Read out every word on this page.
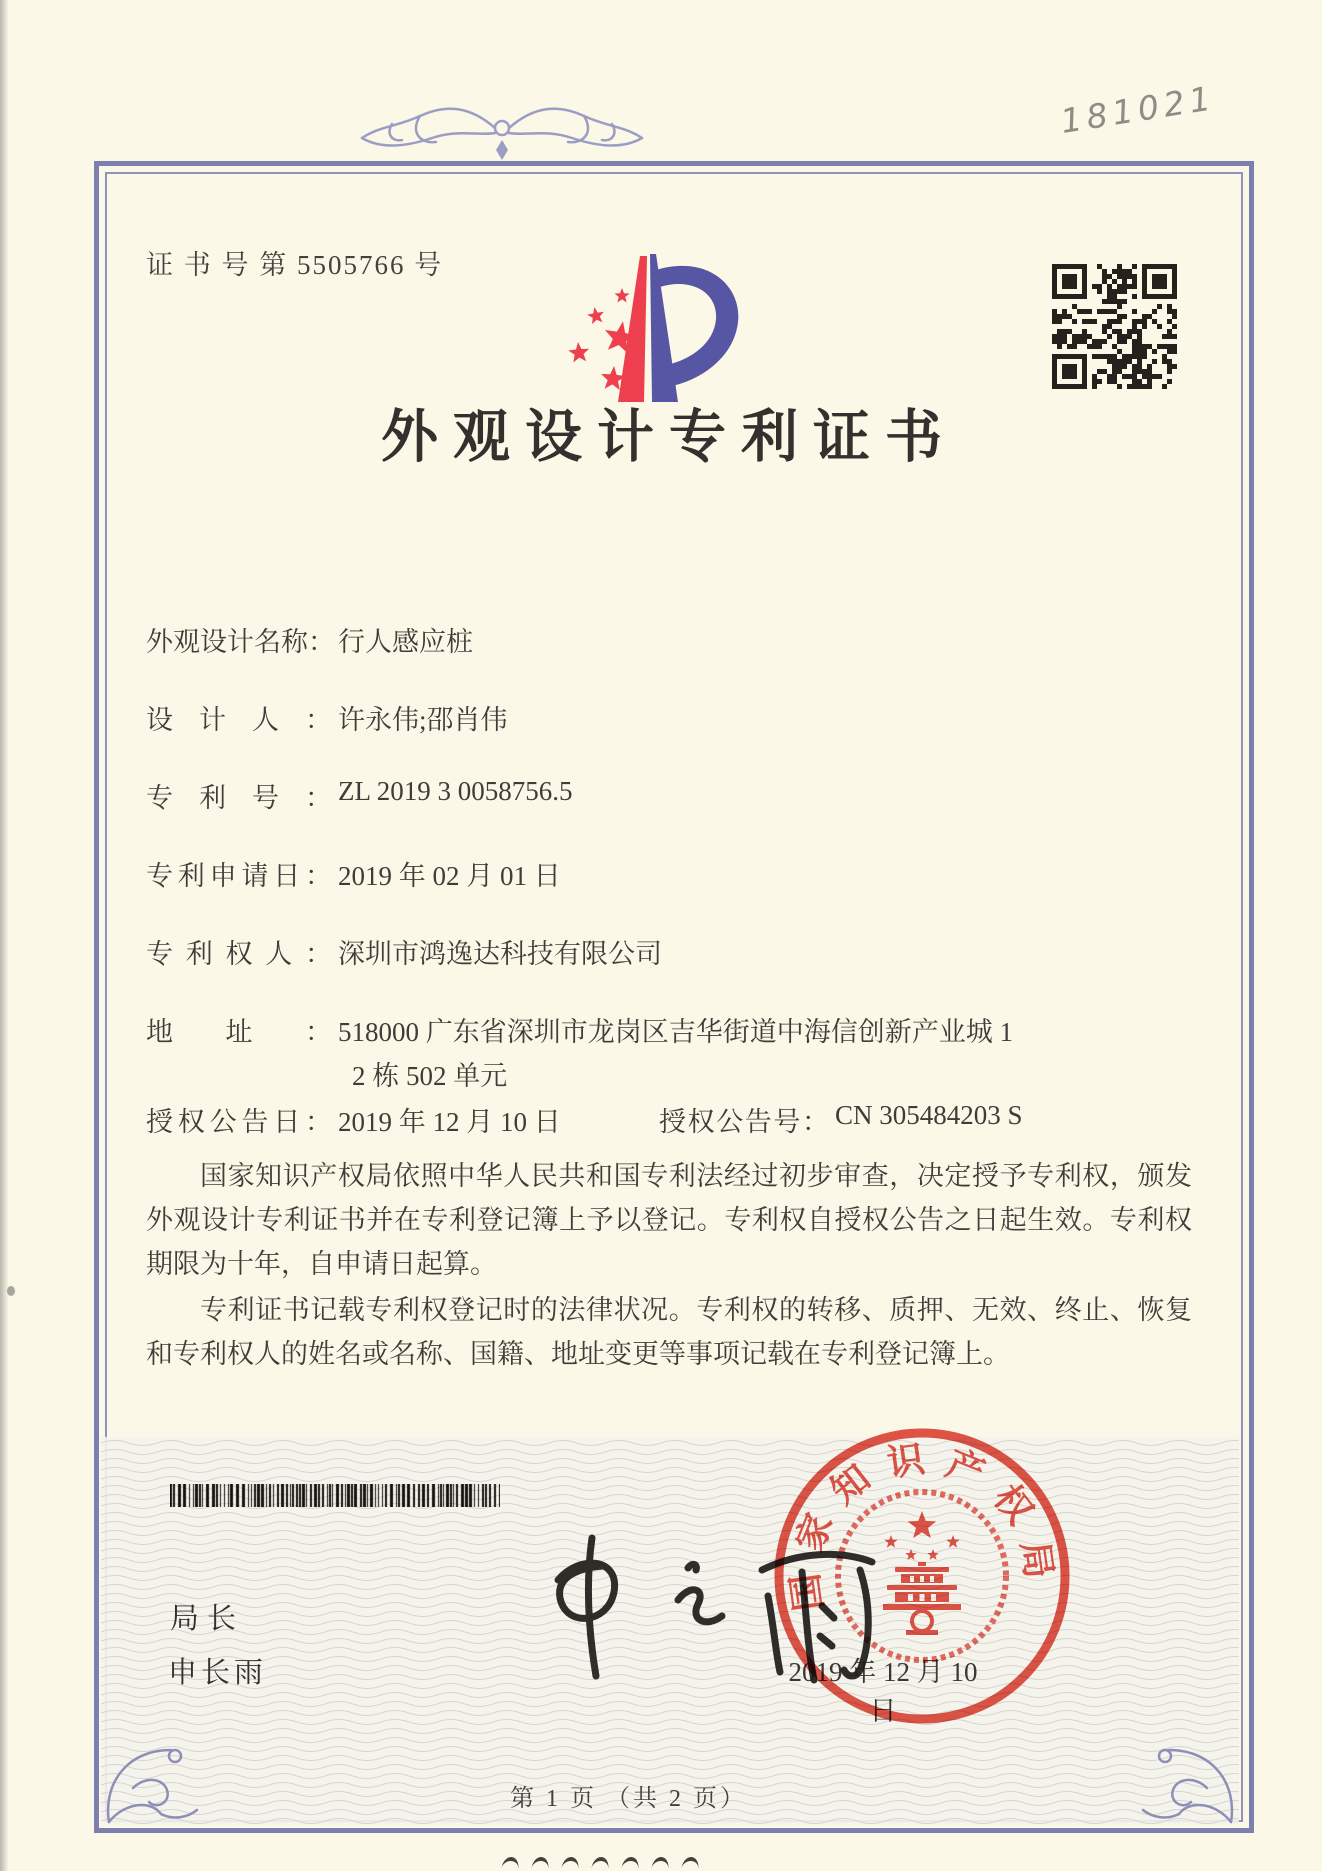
181021
证 书 号 第 5505766 号
外观设计专利证书
外观设计名称： 行人感应桩
设计人： 许永伟;邵肖伟
专利号： ZL 2019 3 0058756.5
专利申请日： 2019 年 02 月 01 日
专利权人： 深圳市鸿逸达科技有限公司
地址： 518000 广东省深圳市龙岗区吉华街道中海信创新产业城 1
2 栋 502 单元
授权公告日： 2019 年 12 月 10 日	授权公告号： CN 305484203 S

国家知识产权局依照中华人民共和国专利法经过初步审查，决定授予专利权，颁发外观设计专利证书并在专利登记簿上予以登记。专利权自授权公告之日起生效。专利权期限为十年，自申请日起算。

专利证书记载专利权登记时的法律状况。专利权的转移、质押、无效、终止、恢复和专利权人的姓名或名称、国籍、地址变更等事项记载在专利登记簿上。

局长
申长雨	2019 年 12 月 10 日
国
家
知 识 产
权
局
第 1 页 （共 2 页）
